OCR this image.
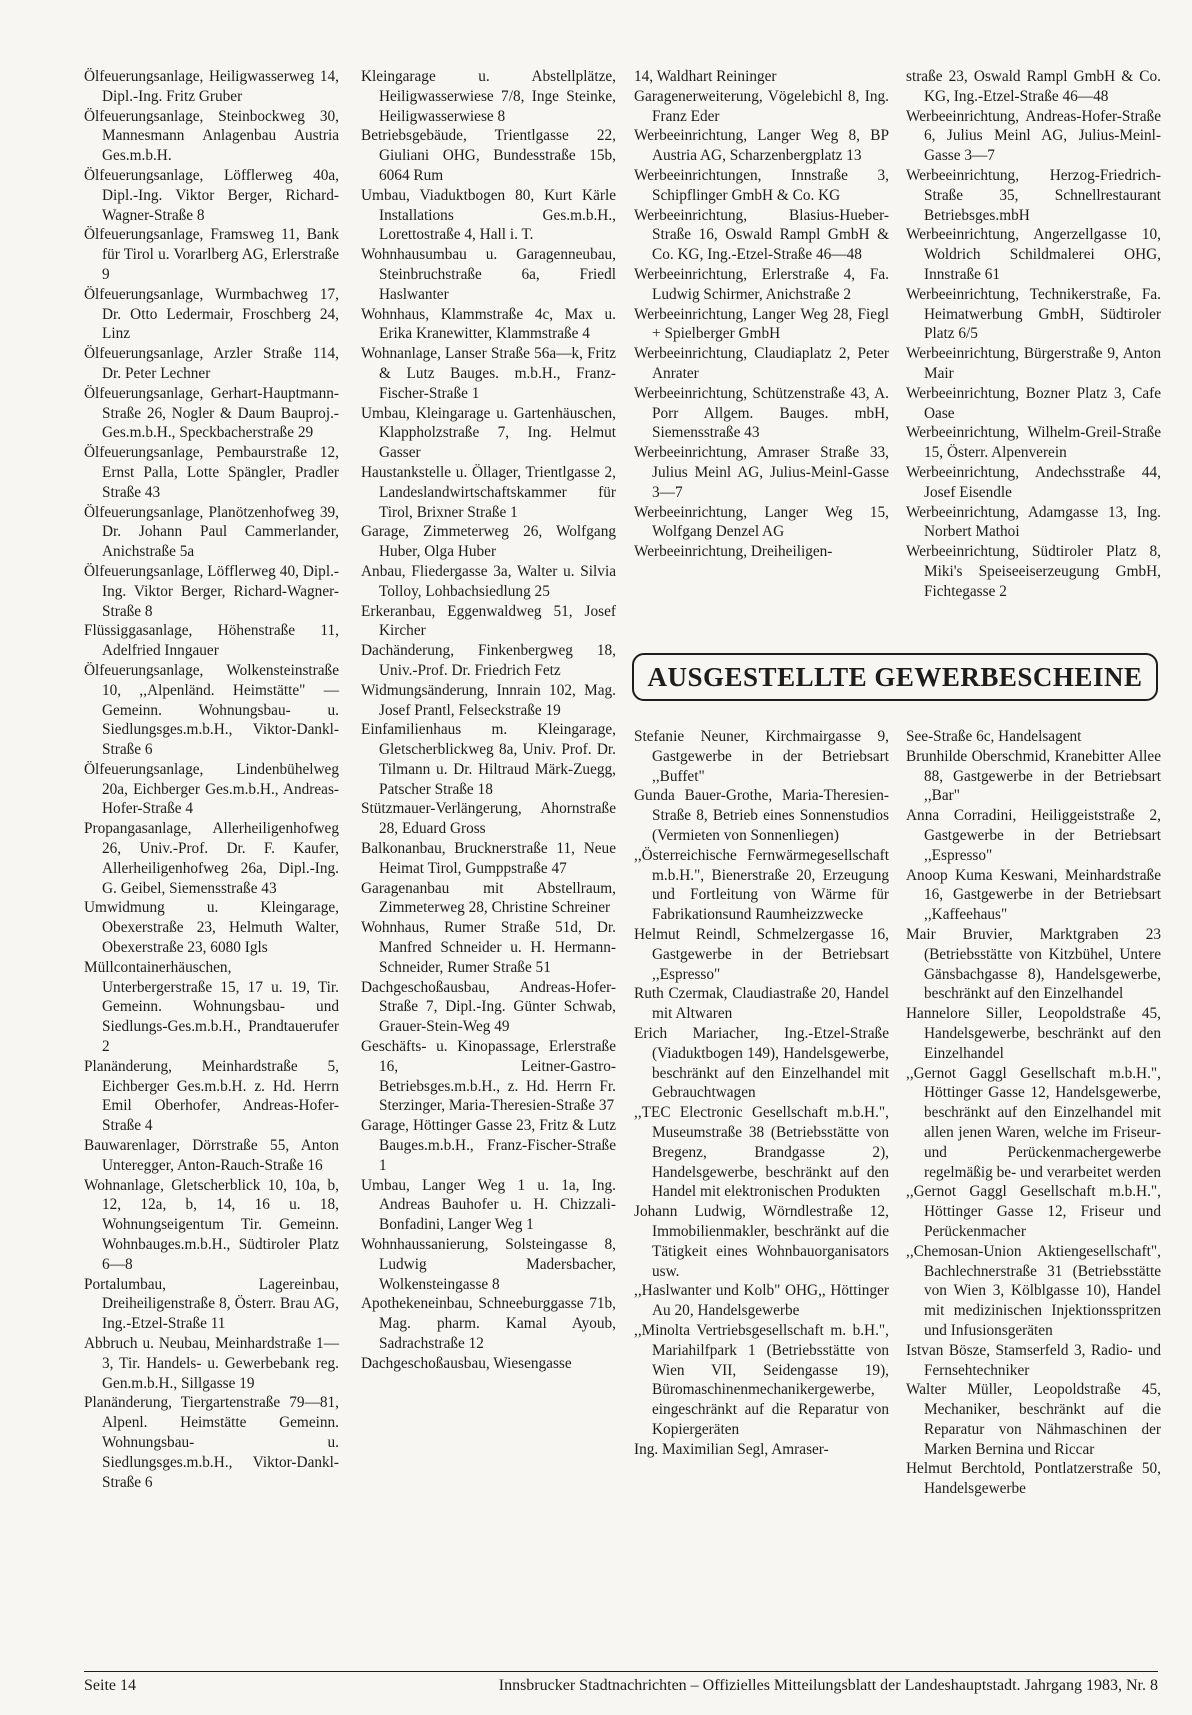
Ölfeuerungsanlage, Heiligwasserweg 14, Dipl.-Ing. Fritz Gruber

Ölfeuerungsanlage, Steinbockweg 30, Mannesmann Anlagenbau Austria Ges.m.b.H.

Ölfeuerungsanlage, Löfflerweg 40a, Dipl.-Ing. Viktor Berger, Richard-Wagner-Straße 8

Ölfeuerungsanlage, Framsweg 11, Bank für Tirol u. Vorarlberg AG, Erlerstraße 9

Ölfeuerungsanlage, Wurmbachweg 17, Dr. Otto Ledermair, Froschberg 24, Linz

Ölfeuerungsanlage, Arzler Straße 114, Dr. Peter Lechner

Ölfeuerungsanlage, Gerhart-Hauptmann-Straße 26, Nogler & Daum Bauproj.-Ges.m.b.H., Speckbacherstraße 29

Ölfeuerungsanlage, Pembaurstraße 12, Ernst Palla, Lotte Spängler, Pradler Straße 43

Ölfeuerungsanlage, Planötzenhofweg 39, Dr. Johann Paul Cammerlander, Anichstraße 5a

Ölfeuerungsanlage, Löfflerweg 40, Dipl.-Ing. Viktor Berger, Richard-Wagner-Straße 8

Flüssiggasanlage, Höhenstraße 11, Adelfried Inngauer

Ölfeuerungsanlage, Wolkensteinstraße 10, ,,Alpenländ. Heimstätte" — Gemeinn. Wohnungsbau- u. Siedlungsges.m.b.H., Viktor-Dankl-Straße 6

Ölfeuerungsanlage, Lindenbühelweg 20a, Eichberger Ges.m.b.H., Andreas-Hofer-Straße 4

Propangasanlage, Allerheiligenhofweg 26, Univ.-Prof. Dr. F. Kaufer, Allerheiligenhofweg 26a, Dipl.-Ing. G. Geibel, Siemensstraße 43

Umwidmung u. Kleingarage, Obexerstraße 23, Helmuth Walter, Obexerstraße 23, 6080 Igls

Müllcontainerhäuschen, Unterbergerstraße 15, 17 u. 19, Tir. Gemeinn. Wohnungsbau- und Siedlungs-Ges.m.b.H., Prandtauerufer 2

Planänderung, Meinhardstraße 5, Eichberger Ges.m.b.H. z. Hd. Herrn Emil Oberhofer, Andreas-Hofer-Straße 4

Bauwarenlager, Dörrstraße 55, Anton Unteregger, Anton-Rauch-Straße 16

Wohnanlage, Gletscherblick 10, 10a, b, 12, 12a, b, 14, 16 u. 18, Wohnungseigentum Tir. Gemeinn. Wohnbauges.m.b.H., Südtiroler Platz 6—8

Portalumbau, Lagereinbau, Dreiheiligenstraße 8, Österr. Brau AG, Ing.-Etzel-Straße 11

Abbruch u. Neubau, Meinhardstraße 1—3, Tir. Handels- u. Gewerbebank reg. Gen.m.b.H., Sillgasse 19

Planänderung, Tiergartenstraße 79—81, Alpenl. Heimstätte Gemeinn. Wohnungsbau- u. Siedlungsges.m.b.H., Viktor-Dankl-Straße 6

Kleingarage u. Abstellplätze, Heiligwasserwiese 7/8, Inge Steinke, Heiligwasserwiese 8

Betriebsgebäude, Trientlgasse 22, Giuliani OHG, Bundesstraße 15b, 6064 Rum

Umbau, Viaduktbogen 80, Kurt Kärle Installations Ges.m.b.H., Lorettostraße 4, Hall i. T.

Wohnhausumbau u. Garagenneubau, Steinbruchstraße 6a, Friedl Haslwanter

Wohnhaus, Klammstraße 4c, Max u. Erika Kranewitter, Klammstraße 4

Wohnanlage, Lanser Straße 56a—k, Fritz & Lutz Bauges. m.b.H., Franz-Fischer-Straße 1

Umbau, Kleingarage u. Gartenhäuschen, Klappholzstraße 7, Ing. Helmut Gasser

Haustankstelle u. Öllager, Trientlgasse 2, Landeslandwirtschaftskammer für Tirol, Brixner Straße 1

Garage, Zimmeterweg 26, Wolfgang Huber, Olga Huber

Anbau, Fliedergasse 3a, Walter u. Silvia Tolloy, Lohbachsiedlung 25

Erkeranbau, Eggenwaldweg 51, Josef Kircher

Dachänderung, Finkenbergweg 18, Univ.-Prof. Dr. Friedrich Fetz

Widmungsänderung, Innrain 102, Mag. Josef Prantl, Felseckstraße 19

Einfamilienhaus m. Kleingarage, Gletscherblickweg 8a, Univ. Prof. Dr. Tilmann u. Dr. Hiltraud Märk-Zuegg, Patscher Straße 18

Stützmauer-Verlängerung, Ahornstraße 28, Eduard Gross

Balkonanbau, Brucknerstraße 11, Neue Heimat Tirol, Gumppstraße 47

Garagenanbau mit Abstellraum, Zimmeterweg 28, Christine Schreiner

Wohnhaus, Rumer Straße 51d, Dr. Manfred Schneider u. H. Hermann-Schneider, Rumer Straße 51

Dachgeschoßausbau, Andreas-Hofer-Straße 7, Dipl.-Ing. Günter Schwab, Grauer-Stein-Weg 49

Geschäfts- u. Kinopassage, Erlerstraße 16, Leitner-Gastro-Betriebsges.m.b.H., z. Hd. Herrn Fr. Sterzinger, Maria-Theresien-Straße 37

Garage, Höttinger Gasse 23, Fritz & Lutz Bauges.m.b.H., Franz-Fischer-Straße 1

Umbau, Langer Weg 1 u. 1a, Ing. Andreas Bauhofer u. H. Chizzali-Bonfadini, Langer Weg 1

Wohnhaussanierung, Solsteingasse 8, Ludwig Madersbacher, Wolkensteingasse 8

Apothekeneinbau, Schneeburggasse 71b, Mag. pharm. Kamal Ayoub, Sadrachstraße 12

Dachgeschoßausbau, Wiesengasse

14, Waldhart Reininger

Garagenerweiterung, Vögelebichl 8, Ing. Franz Eder

Werbeeinrichtung, Langer Weg 8, BP Austria AG, Scharzenbergplatz 13

Werbeeinrichtungen, Innstraße 3, Schipflinger GmbH & Co. KG

Werbeeinrichtung, Blasius-Hueber-Straße 16, Oswald Rampl GmbH & Co. KG, Ing.-Etzel-Straße 46—48

Werbeeinrichtung, Erlerstraße 4, Fa. Ludwig Schirmer, Anichstraße 2

Werbeeinrichtung, Langer Weg 28, Fiegl + Spielberger GmbH

Werbeeinrichtung, Claudiaplatz 2, Peter Anrater

Werbeeinrichtung, Schützenstraße 43, A. Porr Allgem. Bauges. mbH, Siemensstraße 43

Werbeeinrichtung, Amraser Straße 33, Julius Meinl AG, Julius-Meinl-Gasse 3—7

Werbeeinrichtung, Langer Weg 15, Wolfgang Denzel AG

Werbeeinrichtung, Dreiheiligen-

straße 23, Oswald Rampl GmbH & Co. KG, Ing.-Etzel-Straße 46—48

Werbeeinrichtung, Andreas-Hofer-Straße 6, Julius Meinl AG, Julius-Meinl-Gasse 3—7

Werbeeinrichtung, Herzog-Friedrich-Straße 35, Schnellrestaurant Betriebsges.mbH

Werbeeinrichtung, Angerzellgasse 10, Woldrich Schildmalerei OHG, Innstraße 61

Werbeeinrichtung, Technikerstraße, Fa. Heimatwerbung GmbH, Südtiroler Platz 6/5

Werbeeinrichtung, Bürgerstraße 9, Anton Mair

Werbeeinrichtung, Bozner Platz 3, Cafe Oase

Werbeeinrichtung, Wilhelm-Greil-Straße 15, Österr. Alpenverein

Werbeeinrichtung, Andechsstraße 44, Josef Eisendle

Werbeeinrichtung, Adamgasse 13, Ing. Norbert Mathoi

Werbeeinrichtung, Südtiroler Platz 8, Miki's Speiseeiserzeugung GmbH, Fichtegasse 2

AUSGESTELLTE GEWERBESCHEINE

Stefanie Neuner, Kirchmairgasse 9, Gastgewerbe in der Betriebsart ,,Buffet"

Gunda Bauer-Grothe, Maria-Theresien-Straße 8, Betrieb eines Sonnenstudios (Vermieten von Sonnenliegen)

,,Österreichische Fernwärmegesellschaft m.b.H.", Bienerstraße 20, Erzeugung und Fortleitung von Wärme für Fabrikationsund Raumheizzwecke

Helmut Reindl, Schmelzergasse 16, Gastgewerbe in der Betriebsart ,,Espresso"

Ruth Czermak, Claudiastraße 20, Handel mit Altwaren

Erich Mariacher, Ing.-Etzel-Straße (Viaduktbogen 149), Handelsgewerbe, beschränkt auf den Einzelhandel mit Gebrauchtwagen

,,TEC Electronic Gesellschaft m.b.H.", Museumstraße 38 (Betriebsstätte von Bregenz, Brandgasse 2), Handelsgewerbe, beschränkt auf den Handel mit elektronischen Produkten

Johann Ludwig, Wörndlestraße 12, Immobilienmakler, beschränkt auf die Tätigkeit eines Wohnbauorganisators usw.

,,Haslwanter und Kolb" OHG,, Höttinger Au 20, Handelsgewerbe

,,Minolta Vertriebsgesellschaft m. b.H.", Mariahilfpark 1 (Betriebsstätte von Wien VII, Seidengasse 19), Büromaschinenmechanikergewerbe, eingeschränkt auf die Reparatur von Kopiergeräten

Ing. Maximilian Segl, Amraser-

See-Straße 6c, Handelsagent

Brunhilde Oberschmid, Kranebitter Allee 88, Gastgewerbe in der Betriebsart ,,Bar"

Anna Corradini, Heiliggeiststraße 2, Gastgewerbe in der Betriebsart ,,Espresso"

Anoop Kuma Keswani, Meinhardstraße 16, Gastgewerbe in der Betriebsart ,,Kaffeehaus"

Mair Bruvier, Marktgraben 23 (Betriebsstätte von Kitzbühel, Untere Gänsbachgasse 8), Handelsgewerbe, beschränkt auf den Einzelhandel

Hannelore Siller, Leopoldstraße 45, Handelsgewerbe, beschränkt auf den Einzelhandel

,,Gernot Gaggl Gesellschaft m.b.H.", Höttinger Gasse 12, Handelsgewerbe, beschränkt auf den Einzelhandel mit allen jenen Waren, welche im Friseur- und Perückenmachergewerbe regelmäßig be- und verarbeitet werden

,,Gernot Gaggl Gesellschaft m.b.H.", Höttinger Gasse 12, Friseur und Perückenmacher

,,Chemosan-Union Aktiengesellschaft", Bachlechnerstraße 31 (Betriebsstätte von Wien 3, Kölblgasse 10), Handel mit medizinischen Injektionsspritzen und Infusionsgeräten

Istvan Bösze, Stamserfeld 3, Radio- und Fernsehtechniker

Walter Müller, Leopoldstraße 45, Mechaniker, beschränkt auf die Reparatur von Nähmaschinen der Marken Bernina und Riccar

Helmut Berchtold, Pontlatzerstraße 50, Handelsgewerbe

Seite 14	Innsbrucker Stadtnachrichten – Offizielles Mitteilungsblatt der Landeshauptstadt. Jahrgang 1983, Nr. 8
